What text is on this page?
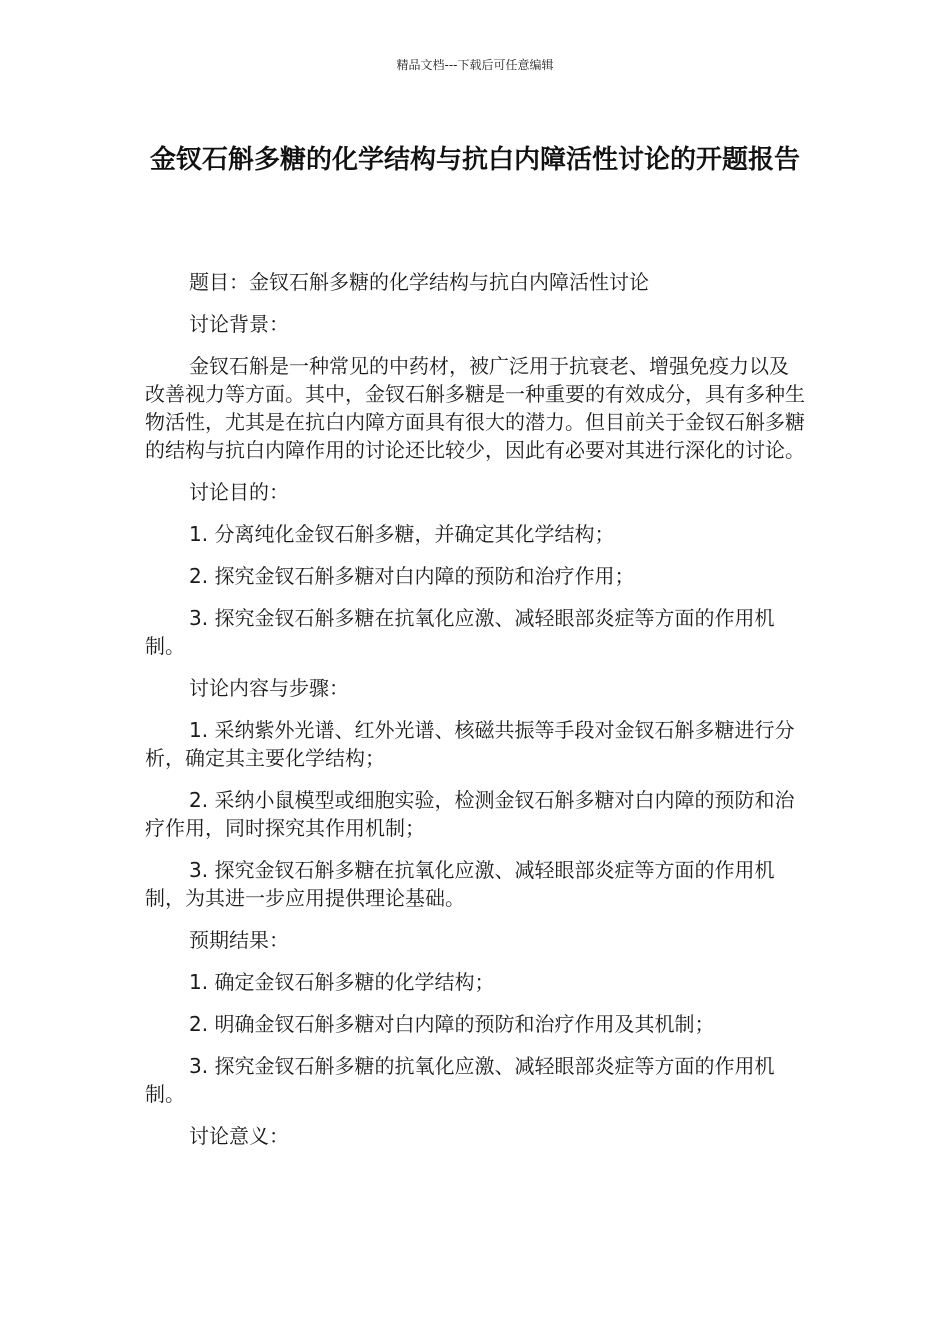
精品文档---下载后可任意编辑
金钗石斛多糖的化学结构与抗白内障活性讨论的开题报告

题目：金钗石斛多糖的化学结构与抗白内障活性讨论

讨论背景：

金钗石斛是一种常见的中药材，被广泛用于抗衰老、增强免疫力以及改善视力等方面。其中，金钗石斛多糖是一种重要的有效成分，具有多种生物活性，尤其是在抗白内障方面具有很大的潜力。但目前关于金钗石斛多糖的结构与抗白内障作用的讨论还比较少，因此有必要对其进行深化的讨论。

讨论目的：

1. 分离纯化金钗石斛多糖，并确定其化学结构；

2. 探究金钗石斛多糖对白内障的预防和治疗作用；

3. 探究金钗石斛多糖在抗氧化应激、减轻眼部炎症等方面的作用机制。

讨论内容与步骤：

1. 采纳紫外光谱、红外光谱、核磁共振等手段对金钗石斛多糖进行分析，确定其主要化学结构；

2. 采纳小鼠模型或细胞实验，检测金钗石斛多糖对白内障的预防和治疗作用，同时探究其作用机制；

3. 探究金钗石斛多糖在抗氧化应激、减轻眼部炎症等方面的作用机制，为其进一步应用提供理论基础。

预期结果：

1. 确定金钗石斛多糖的化学结构；

2. 明确金钗石斛多糖对白内障的预防和治疗作用及其机制；

3. 探究金钗石斛多糖的抗氧化应激、减轻眼部炎症等方面的作用机制。

讨论意义：
